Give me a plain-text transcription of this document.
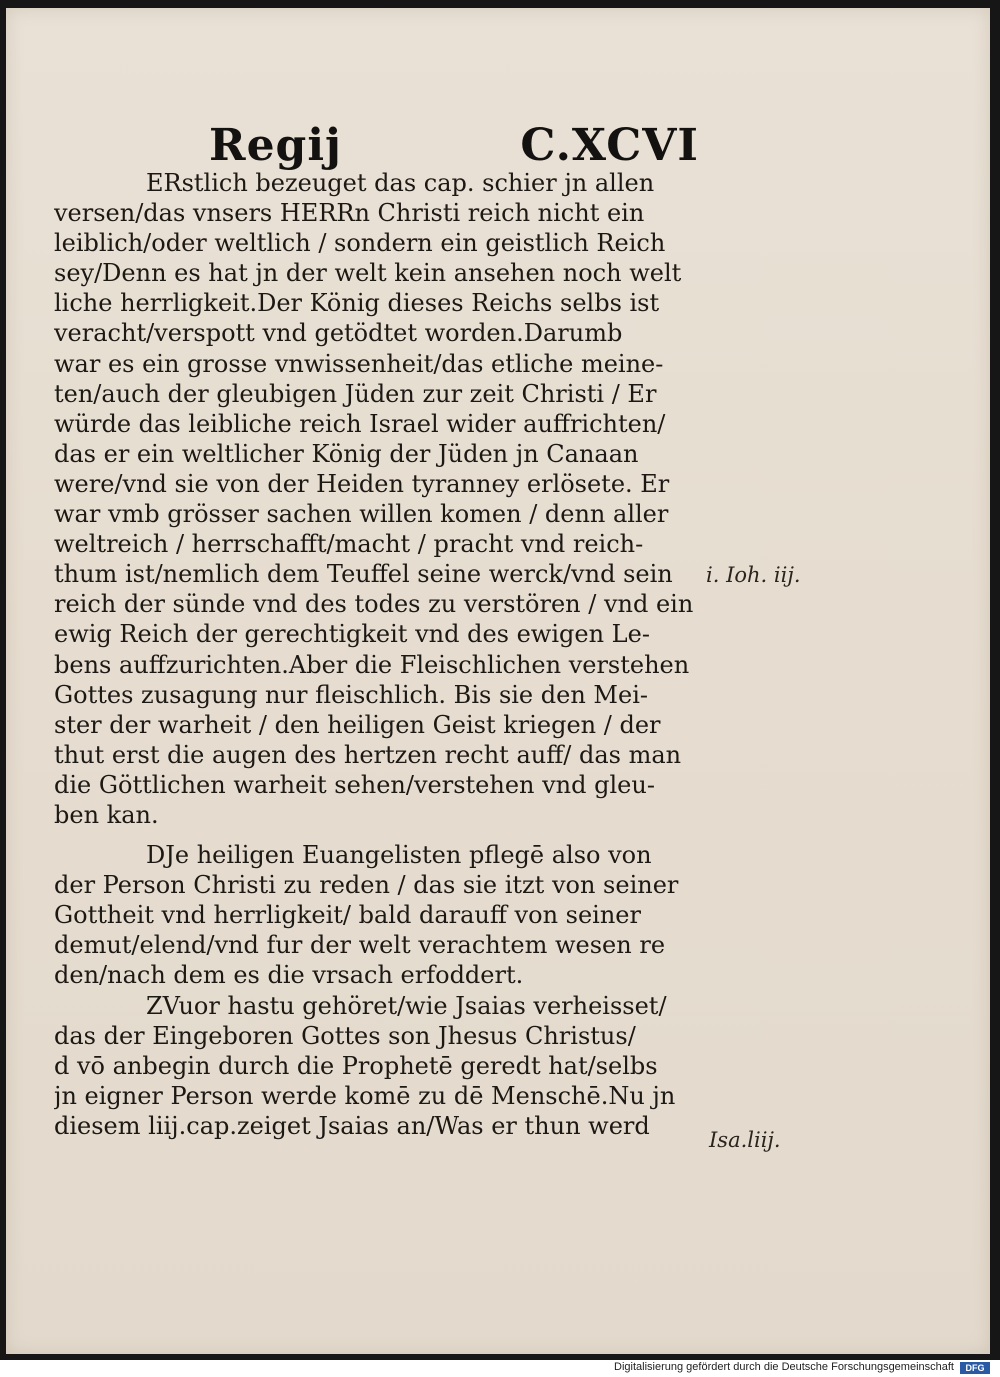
Regij	C.XCVI
ERstlich bezeuget das cap. schier jn allen
versen/das vnsers HERRn Christi reich nicht ein
leiblich/oder weltlich / sondern ein geistlich Reich
sey/Denn es hat jn der welt kein ansehen noch welt
liche herrligkeit.Der König dieses Reichs selbs ist
veracht/verspott vnd getödtet worden.Darumb
war es ein grosse vnwissenheit/das etliche meine-
ten/auch der gleubigen Jüden zur zeit Christi / Er
würde das leibliche reich Israel wider auffrichten/
das er ein weltlicher König der Jüden jn Canaan
were/vnd sie von der Heiden tyranney erlösete. Er
war vmb grösser sachen willen komen / denn aller
weltreich / herrschafft/macht / pracht vnd reich-
thum ist/nemlich dem Teuffel seine werck/vnd sein
reich der sünde vnd des todes zu verstören / vnd ein
ewig Reich der gerechtigkeit vnd des ewigen Le-
bens auffzurichten.Aber die Fleischlichen verstehen
Gottes zusagung nur fleischlich. Bis sie den Mei-
ster der warheit / den heiligen Geist kriegen / der
thut erst die augen des hertzen recht auff/ das man
die Göttlichen warheit sehen/verstehen vnd gleu-
ben kan.
DJe heiligen Euangelisten pflegē also von
der Person Christi zu reden / das sie itzt von seiner
Gottheit vnd herrligkeit/ bald darauff von seiner
demut/elend/vnd fur der welt verachtem wesen re
den/nach dem es die vrsach erfoddert.
ZVuor hastu gehöret/wie Jsaias verheisset/
das der Eingeboren Gottes son Jhesus Christus/
d vō anbegin durch die Prophetē geredt hat/selbs
jn eigner Person werde komē zu dē Menschē.Nu jn
diesem liij.cap.zeiget Jsaias an/Was er thun werd
i. Ioh. iij.
Isa.liij.
Digitalisierung gefördert durch die Deutsche Forschungsgemeinschaft	DFG
